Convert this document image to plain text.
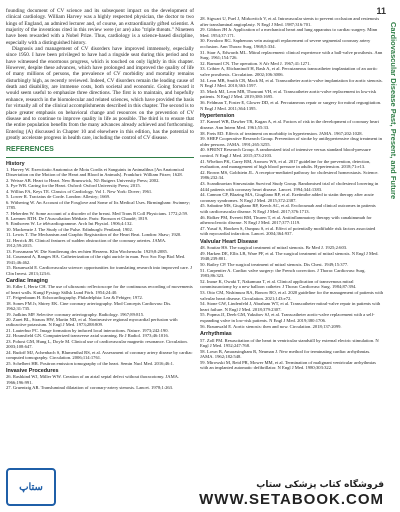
11
Cardiovascular Disease Past, Present, and Future

founding document of CV science and its subsequent impact on the development of clinical cardiology. William Harvey was a highly respected physician, the doctor to two kings of England, an admired lecturer and, of course, an extraordinarily gifted scientist. A majority of the inventions cited in this review were (or are) also "triple threats." Nineteen have been rewarded with a Nobel Prize. Thus, cardiology is a science-based discipline, especially with a distinguished history.

Diagnosis and management of CV disorders have improved immensely, especially since 1950. I have been privileged to have had a ringside seat during this period and to have witnessed the enormous progress, which is touched on only lightly in this chapter. However, despite these advances, which have prolonged and improved the quality of life of many millions of persons, the prevalence of CV morbidity and mortality remains disturbingly high, as recently reviewed. Indeed, CV disorders remain the leading cause of death and disability, are immense costs, both societal and economic. Going forward it would seem useful to emphasize three directions. The first is to maintain, and hopefully enhance, research in the biomolecular and related sciences, which have provided the basis for virtually all of the clinical accomplishments described in this chapter. The second is to place greater emphasis on behavioral change and resources on the prevention of CV disease and to continue to improve quality in life as possible. The third is to ensure that the entire population benefits from the many advances already achieved and forthcoming. Entering (A) discussed in Chapter 10 and elsewhere in this edition, has the potential to greatly accelerate progress in health care, including the control of CV disease.

REFERENCES
History
1. Harvey W. Exercitatio Anatomica de Motu Cordis et Sanguinis in Animalibus [An Anatomical Dissertation on the Motion of the Heart and Blood in Animals]. Frankfurt: William Fitzer; 1628.
2. Weisse AB. Heart to Heart. New Brunswick, NJ: Rutgers University Press; 2002.
3. Fye WB. Caring for the Heart. Oxford: Oxford University Press; 2015.
4. Willius FA, Keys TE. Classics of Cardiology. Vol 1. New York: Dover; 1961.
5. Lower R. Tractatus de Corde. London: Allestry; 1669.
6. Withering W. An Account of the Foxglove and Some of Its Medical Uses. Birmingham: Swinney; 1785.
7. Heberden W. Some account of a disorder of the breast. Med Trans R Coll Physicians. 1772;2:59.
8. Laennec RTH. De l'Auscultation Médiate. Paris: Brosson et Chaudé; 1819.
9. Einthoven W. Le télécardiogramme. Arch Int Physiol. 1906;4:132.
10. Mackenzie J. The Study of the Pulse. Edinburgh: Pentland; 1902.
11. Lewis T. The Mechanism and Graphic Registration of the Heart Beat. London: Shaw; 1920.
12. Herrick JB. Clinical features of sudden obstruction of the coronary arteries. JAMA. 1912;59:2015.
13. Forssmann W. Die Sondierung des rechten Herzens. Klin Wochenschr. 1929;8:2085.
14. Cournand A, Ranges HA. Catheterization of the right auricle in man. Proc Soc Exp Biol Med. 1941;46:462.
15. Braunwald E. Cardiovascular science: opportunities for translating research into improved care. J Clin Invest. 2013;123:6.
Cardiac Imaging
16. Edler I, Hertz CH. The use of ultrasonic reflectoscope for the continuous recording of movements of heart walls. Kungl Fysiogr Sällsk Lund Förh. 1954;24:40.
17. Feigenbaum H. Echocardiography. Philadelphia: Lea & Febiger; 1972.
18. Sones FM Jr, Shirey EK. Cine coronary arteriography. Mod Concepts Cardiovasc Dis. 1962;31:735.
19. Judkins MP. Selective coronary arteriography. Radiology. 1967;89:815.
20. Zaret BL, Strauss HW, Martin ND, et al. Noninvasive regional myocardial perfusion with radioactive potassium. N Engl J Med. 1973;288:809.
21. Lauterbur PC. Image formation by induced local interactions. Nature. 1973;242:190.
22. Hounsfield GN. Computerized transverse axial scanning. Br J Radiol. 1973;46:1016.
23. Pohost GM, Hung L, Doyle M. Clinical use of cardiovascular magnetic resonance. Circulation. 2003;108:647.
24. Budoff MJ, Achenbach S, Blumenthal RS, et al. Assessment of coronary artery disease by cardiac computed tomography. Circulation. 2006;114:1761.
25. Schelbert HR. Positron emission tomography of the heart. Semin Nucl Med. 2016;46:1.
Invasive Procedures
26. Rashkind WJ, Miller WW. Creation of an atrial septal defect without thoracotomy. JAMA. 1966;196:991.
27. Gruentzig AR. Transluminal dilatation of coronary-artery stenosis. Lancet. 1978;1:263.
28. Sigwart U, Puel J, Mirkovitch V, et al. Intravascular stents to prevent occlusion and restenosis after transluminal angioplasty. N Engl J Med. 1987;316:701.
29. Gibbon JH Jr. Application of a mechanical heart and lung apparatus to cardiac surgery. Minn Med. 1954;37:171.
30. Favaloro RG. Saphenous vein autograft replacement of severe segmental coronary artery occlusion. Ann Thorac Surg. 1968;5:334.
31. Starr A, Edwards ML. Mitral replacement: clinical experience with a ball-valve prosthesis. Ann Surg. 1961;154:726.
32. Barnard CN. The operation. S Afr Med J. 1967;41:1271.
33. Cribier A, Eltchaninoff H, Bash A, et al. Percutaneous transcatheter implantation of an aortic valve prosthesis. Circulation. 2002;106:3006.
34. Leon MB, Smith CR, Mack M, et al. Transcatheter aortic-valve implantation for aortic stenosis. N Engl J Med. 2010;363:1597.
35. Mack MJ, Leon MB, Thourani VH, et al. Transcatheter aortic-valve replacement in low-risk patients. N Engl J Med. 2019;380:1695.
36. Feldman T, Foster E, Glower DD, et al. Percutaneous repair or surgery for mitral regurgitation. N Engl J Med. 2011;364:1395.
Hypertension
37. Kannel WB, Dawber TR, Kagan A, et al. Factors of risk in the development of coronary heart disease. Ann Intern Med. 1961;55:33.
38. Freis ED. Effects of treatment on morbidity in hypertension. JAMA. 1967;202:1028.
39. SHEP Cooperative Research Group. Prevention of stroke by antihypertensive drug treatment in older persons. JAMA. 1991;265:3255.
40. SPRINT Research Group. A randomized trial of intensive versus standard blood-pressure control. N Engl J Med. 2015;373:2103.
41. Whelton PK, Carey RM, Aronow WS, et al. 2017 guideline for the prevention, detection, evaluation, and management of high blood pressure in adults. Hypertension. 2018;71:e13.
42. Brown MS, Goldstein JL. A receptor-mediated pathway for cholesterol homeostasis. Science. 1986;232:34.
43. Scandinavian Simvastatin Survival Study Group. Randomised trial of cholesterol lowering in 4444 patients with coronary heart disease. Lancet. 1994;344:1383.
44. Cannon CP, Blazing MA, Giugliano RP, et al. Ezetimibe added to statin therapy after acute coronary syndromes. N Engl J Med. 2015;372:2387.
45. Sabatine MS, Giugliano RP, Keech AC, et al. Evolocumab and clinical outcomes in patients with cardiovascular disease. N Engl J Med. 2017;376:1713.
46. Ridker PM, Everett BM, Thuren T, et al. Antiinflammatory therapy with canakinumab for atherosclerotic disease. N Engl J Med. 2017;377:1119.
47. Yusuf S, Hawken S, Ounpuu S, et al. Effect of potentially modifiable risk factors associated with myocardial infarction. Lancet. 2004;364:937.
Valvular Heart Disease
48. Souttar HS. The surgical treatment of mitral stenosis. Br Med J. 1925;2:603.
49. Harken DE, Ellis LB, Ware PF, et al. The surgical treatment of mitral stenosis. N Engl J Med. 1948;239:801.
50. Bailey CP. The surgical treatment of mitral stenosis. Dis Chest. 1949;15:377.
51. Carpentier A. Cardiac valve surgery: the French correction. J Thorac Cardiovasc Surg. 1983;86:323.
52. Inoue K, Owaki T, Nakamura T, et al. Clinical application of transvenous mitral commissurotomy by a new balloon catheter. J Thorac Cardiovasc Surg. 1984;87:394.
53. Otto CM, Nishimura RA, Bonow RO, et al. 2020 guideline for the management of patients with valvular heart disease. Circulation. 2021;143:e72.
54. Stone GW, Lindenfeld J, Abraham WT, et al. Transcatheter mitral-valve repair in patients with heart failure. N Engl J Med. 2018;379:2307.
55. Popma JJ, Deeb GM, Yakubov SJ, et al. Transcatheter aortic-valve replacement with a self-expanding valve in low-risk patients. N Engl J Med. 2019;380:1706.
56. Braunwald E. Aortic stenosis: then and now. Circulation. 2018;137:2099.
Arrhythmias
57. Zoll PM. Resuscitation of the heart in ventricular standstill by external electric stimulation. N Engl J Med. 1952;247:768.
58. Lown B, Amarasingham R, Neuman J. New method for terminating cardiac arrhythmias. JAMA. 1962;182:548.
59. Mirowski M, Reid PR, Mower MM, et al. Termination of malignant ventricular arrhythmias with an implanted automatic defibrillator. N Engl J Med. 1980;303:322.
ستاپ	فروشگاه کتاب پزشکی ستاپ
WWW.SETABOOK.COM
